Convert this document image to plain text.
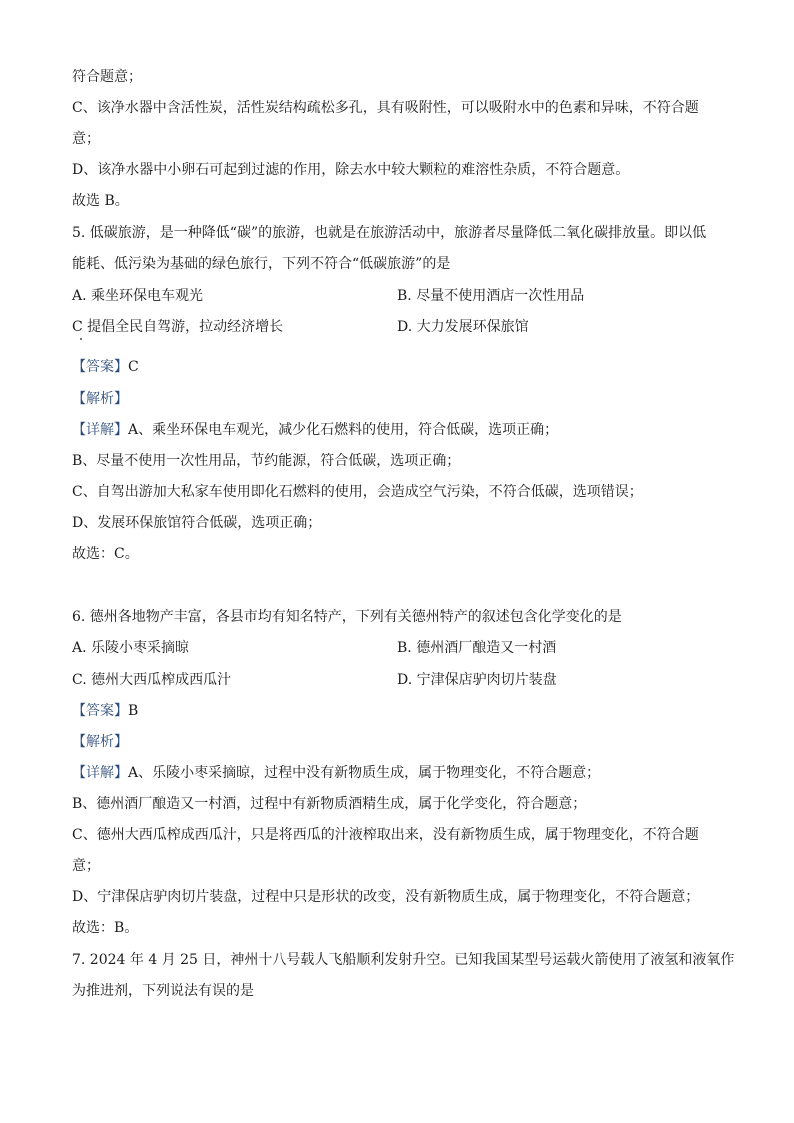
符合题意；
C、该净水器中含活性炭，活性炭结构疏松多孔，具有吸附性，可以吸附水中的色素和异味，不符合题
意；
D、该净水器中小卵石可起到过滤的作用，除去水中较大颗粒的难溶性杂质，不符合题意。
故选 B。
5. 低碳旅游，是一种降低“碳”的旅游，也就是在旅游活动中，旅游者尽量降低二氧化碳排放量。即以低
能耗、低污染为基础的绿色旅行，下列不符合“低碳旅游”的是
A. 乘坐环保电车观光	B. 尽量不使用酒店一次性用品
C 提倡全民自驾游，拉动经济增长	D. 大力发展环保旅馆
【答案】C
【解析】
【详解】A、乘坐环保电车观光，减少化石燃料的使用，符合低碳，选项正确；
B、尽量不使用一次性用品，节约能源，符合低碳，选项正确；
C、自驾出游加大私家车使用即化石燃料的使用，会造成空气污染，不符合低碳，选项错误；
D、发展环保旅馆符合低碳，选项正确；
故选：C。
6. 德州各地物产丰富，各县市均有知名特产，下列有关德州特产的叙述包含化学变化的是
A. 乐陵小枣采摘晾	B. 德州酒厂酿造又一村酒
C. 德州大西瓜榨成西瓜汁	D. 宁津保店驴肉切片装盘
【答案】B
【解析】
【详解】A、乐陵小枣采摘晾，过程中没有新物质生成，属于物理变化，不符合题意；
B、德州酒厂酿造又一村酒，过程中有新物质酒精生成，属于化学变化，符合题意；
C、德州大西瓜榨成西瓜汁，只是将西瓜的汁液榨取出来，没有新物质生成，属于物理变化，不符合题
意；
D、宁津保店驴肉切片装盘，过程中只是形状的改变，没有新物质生成，属于物理变化，不符合题意；
故选：B。
7. 2024 年 4 月 25 日，神州十八号载人飞船顺利发射升空。已知我国某型号运载火箭使用了液氢和液氧作
为推进剂，下列说法有误的是
